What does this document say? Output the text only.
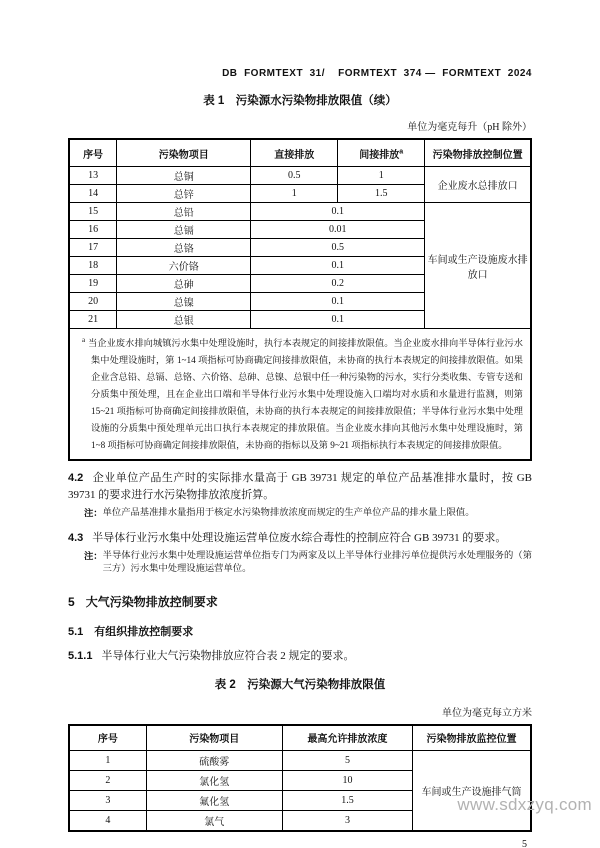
DB  FORMTEXT  31/    FORMTEXT  374 —  FORMTEXT  2024
表 1　污染源水污染物排放限值（续）
单位为毫克每升（pH 除外）
序号	污染物项目	直接排放	间接排放$^a$	污染物排放控制位置
13	总铜	0.5	1	企业废水总排放口
14	总锌	1	1.5	
15	总铅	0.1		车间或生产设施废水排放口
16	总镉	0.01		
17	总铬	0.5		
18	六价铬	0.1		
19	总砷	0.2		
20	总镍	0.1		
21	总银	0.1		
$^a$ 当企业废水排向城镇污水集中处理设施时，执行本表规定的间接排放限值。当企业废水排向半导体行业污水集中处理设施时，第 1~14 项指标可协商确定间接排放限值，未协商的执行本表规定的间接排放限值。如果企业含总铅、总镉、总铬、六价铬、总砷、总镍、总银中任一种污染物的污水，实行分类收集、专管专送和分质集中预处理，且在企业出口端和半导体行业污水集中处理设施入口端均对水质和水量进行监测，则第 15~21 项指标可协商确定间接排放限值，未协商的执行本表规定的间接排放限值；半导体行业污水集中处理设施的分质集中预处理单元出口执行本表规定的排放限值。当企业废水排向其他污水集中处理设施时，第 1~8 项指标可协商确定间接排放限值，未协商的指标以及第 9~21 项指标执行本表规定的间接排放限值。				
4.2 企业单位产品生产时的实际排水量高于 GB 39731 规定的单位产品基准排水量时，按 GB 39731 的要求进行水污染物排放浓度折算。
注： 单位产品基准排水量指用于核定水污染物排放浓度而规定的生产单位产品的排水量上限值。
4.3 半导体行业污水集中处理设施运营单位废水综合毒性的控制应符合 GB 39731 的要求。
注： 半导体行业污水集中处理设施运营单位指专门为两家及以上半导体行业排污单位提供污水处理服务的（第三方）污水集中处理设施运营单位。
5 大气污染物排放控制要求
5.1 有组织排放控制要求
5.1.1 半导体行业大气污染物排放应符合表 2 规定的要求。
表 2　污染源大气污染物排放限值
单位为毫克每立方米
序号	污染物项目	最高允许排放浓度	污染物排放监控位置
1	硫酸雾	5	车间或生产设施排气筒
2	氯化氢	10	
3	氟化氢	1.5	
4	氯气	3	
5
www.sdxzyq.com
